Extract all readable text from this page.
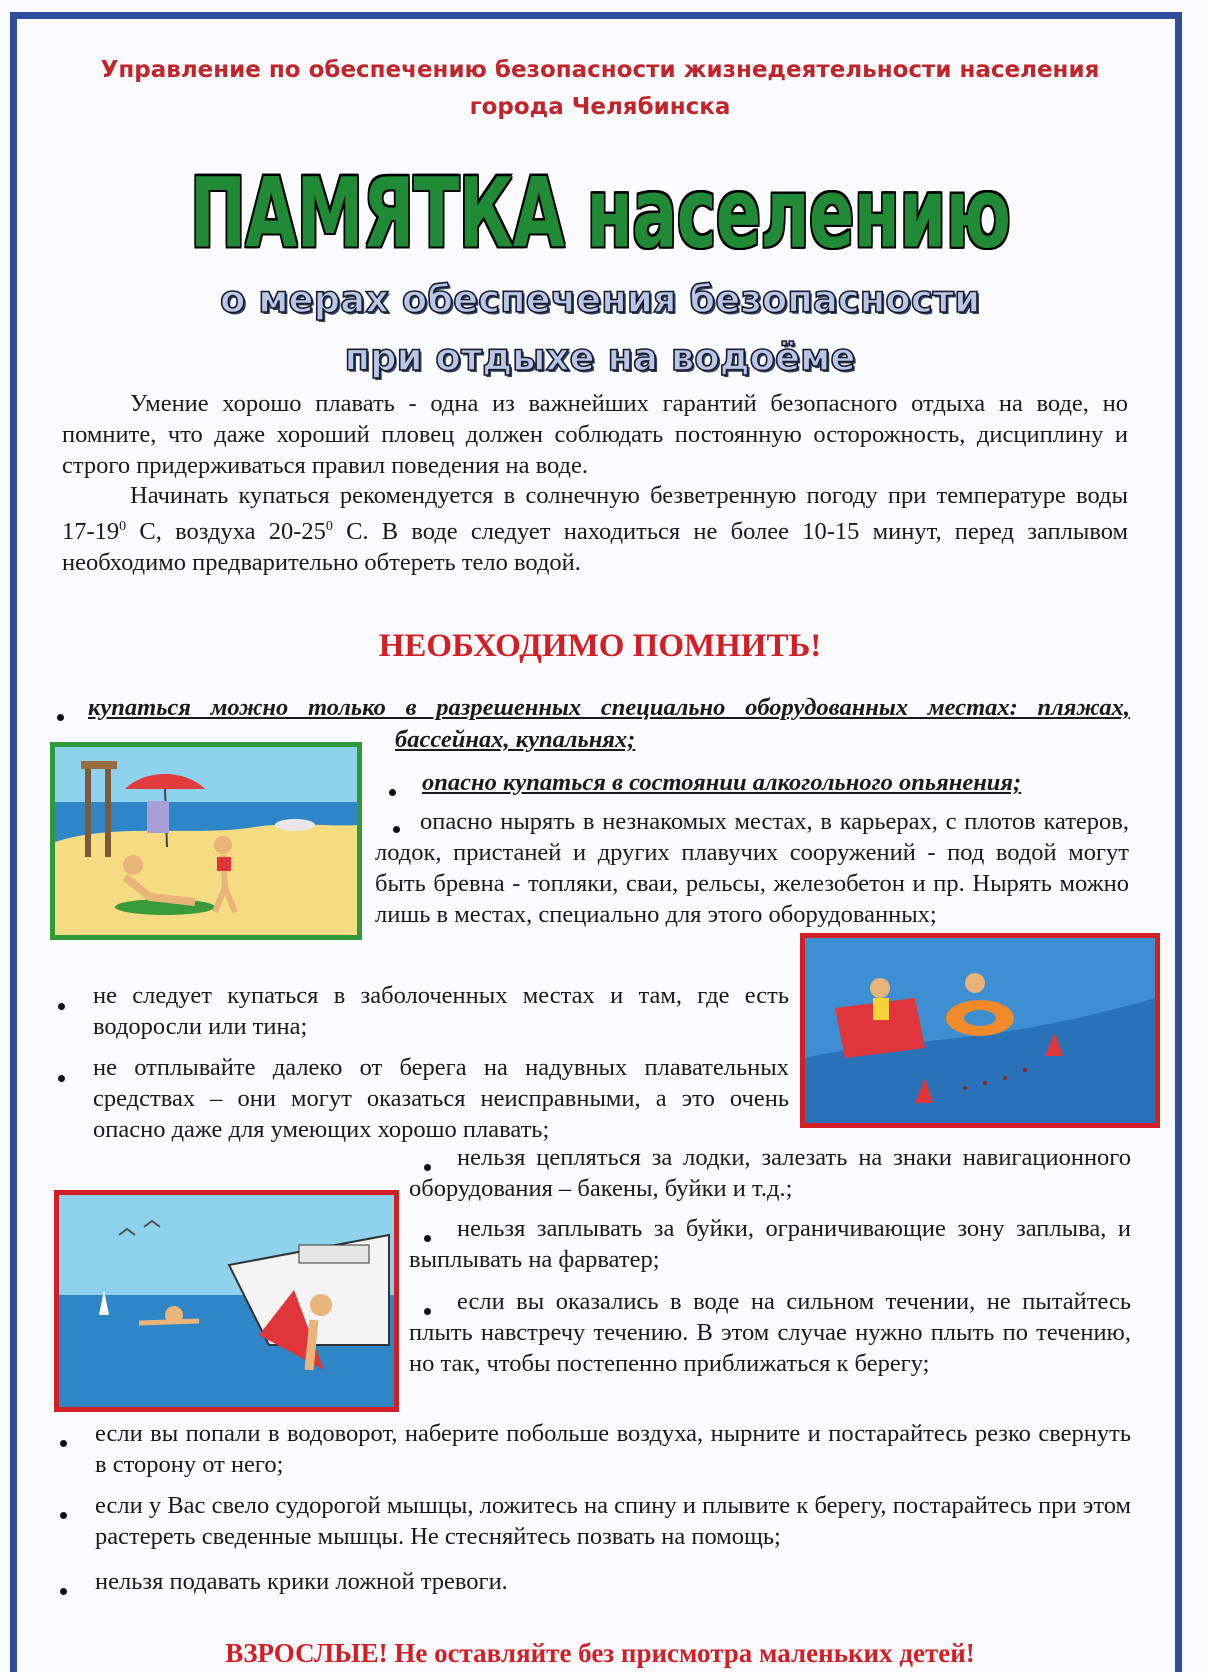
Управление по обеспечению безопасности жизнедеятельности населения
города Челябинска
ПАМЯТКА населению
о мерах обеспечения безопасности
при отдыхе на водоёме
Умение хорошо плавать - одна из важнейших гарантий безопасного отдыха на воде, но помните, что даже хороший пловец должен соблюдать постоянную осторожность, дисциплину и строго придерживаться правил поведения на воде.
Начинать купаться рекомендуется в солнечную безветренную погоду при температуре воды $17-19^0$ С, воздуха $20-25^0$ С. В воде следует находиться не более 10-15 минут, перед заплывом необходимо предварительно обтереть тело водой.
НЕОБХОДИМО ПОМНИТЬ!
купаться можно только в разрешенных специально оборудованных местах: пляжах,
бассейнах, купальнях;
опасно купаться в состоянии алкогольного опьянения;
опасно нырять в незнакомых местах, в карьерах, с плотов катеров, лодок, пристаней и других плавучих сооружений - под водой могут быть бревна - топляки, сваи, рельсы, железобетон и пр. Нырять можно лишь в местах, специально для этого оборудованных;
не следует купаться в заболоченных местах и там, где есть водоросли или тина;
не отплывайте далеко от берега на надувных плавательных средствах – они могут оказаться неисправными, а это очень опасно даже для умеющих хорошо плавать;
нельзя цепляться за лодки, залезать на знаки навигационного оборудования – бакены, буйки и т.д.;
нельзя заплывать за буйки, ограничивающие зону заплыва, и выплывать на фарватер;
если вы оказались в воде на сильном течении, не пытайтесь плыть навстречу течению. В этом случае нужно плыть по течению, но так, чтобы постепенно приближаться к берегу;
если вы попали в водоворот, наберите побольше воздуха, нырните и постарайтесь резко свернуть в сторону от него;
если у Вас свело судорогой мышцы, ложитесь на спину и плывите к берегу, постарайтесь при этом растереть сведенные мышцы. Не стесняйтесь позвать на помощь;
нельзя подавать крики ложной тревоги.
ВЗРОСЛЫЕ! Не оставляйте без присмотра маленьких детей!
